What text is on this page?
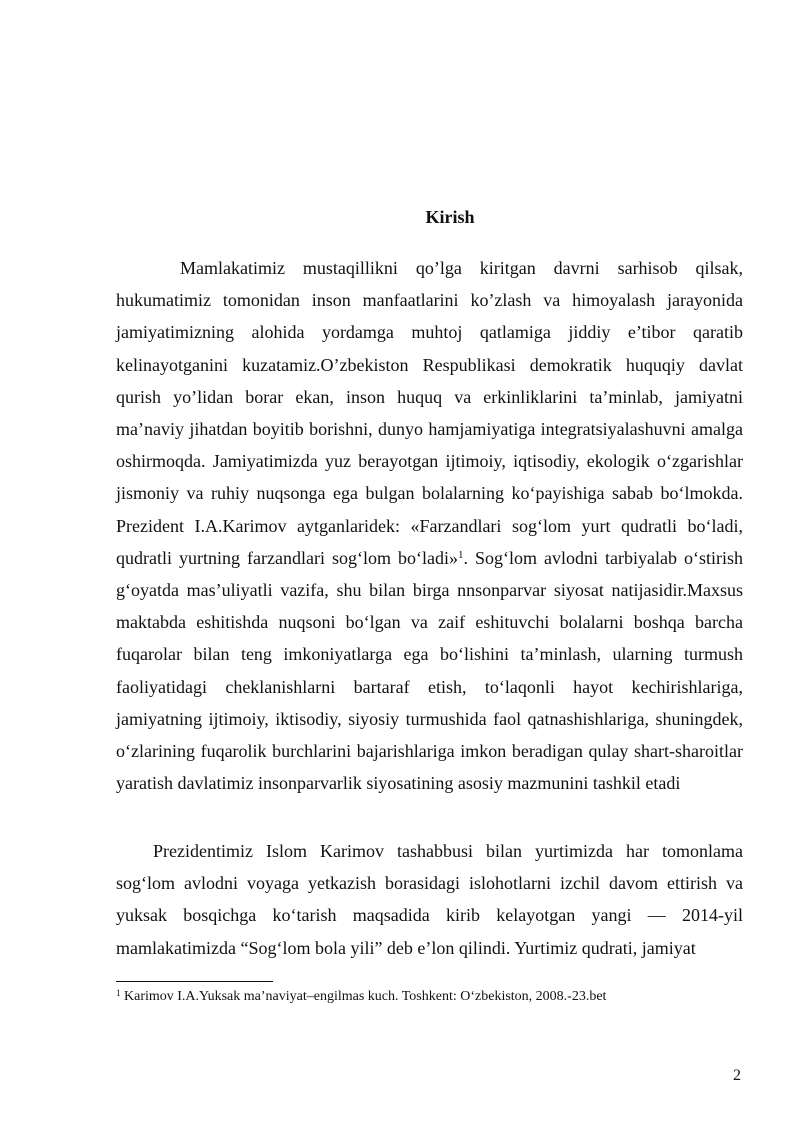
Kirish

Mamlakatimiz mustaqillikni qo’lga kiritgan davrni sarhisob qilsak, hukumatimiz tomonidan inson manfaatlarini ko’zlash va himoyalash jarayonida jamiyatimizning alohida yordamga muhtoj qatlamiga jiddiy e’tibor qaratib kelinayotganini kuzatamiz.O’zbekiston Respublikasi demokratik huquqiy davlat qurish yo’lidan borar ekan, inson huquq va erkinliklarini ta’minlab, jamiyatni ma’naviy jihatdan boyitib borishni, dunyo hamjamiyatiga integratsiyalashuvni amalga oshirmoqda. Jamiyatimizda yuz berayotgan ijtimoiy, iqtisodiy, ekologik o‘zgarishlar jismoniy va ruhiy nuqsonga ega bulgan bolalarning ko‘payishiga sabab bo‘lmokda. Prezident I.A.Karimov aytganlaridek: «Farzandlari sog‘lom yurt qudratli bo‘ladi, qudratli yurtning farzandlari sog‘lom bo‘ladi»$^1$. Sog‘lom avlodni tarbiyalab o‘stirish g‘oyatda mas’uliyatli vazifa, shu bilan birga nnsonparvar siyosat natijasidir.Maxsus maktabda eshitishda nuqsoni bo‘lgan va zaif eshituvchi bolalarni boshqa barcha fuqarolar bilan teng imkoniyatlarga ega bo‘lishini ta’minlash, ularning turmush faoliyatidagi cheklanishlarni bartaraf etish, to‘laqonli hayot kechirishlariga, jamiyatning ijtimoiy, iktisodiy, siyosiy turmushida faol qatnashishlariga, shuningdek, o‘zlarining fuqarolik burchlarini bajarishlariga imkon beradigan qulay shart-sharoitlar yaratish davlatimiz insonparvarlik siyosatining asosiy mazmunini tashkil etadi

Prezidentimiz Islom Karimov tashabbusi bilan yurtimizda har tomonlama sog‘lom avlodni voyaga yetkazish borasidagi islohotlarni izchil davom ettirish va yuksak bosqichga ko‘tarish maqsadida kirib kelayotgan yangi — 2014-yil mamlakatimizda “Sog‘lom bola yili” deb e’lon qilindi. Yurtimiz qudrati, jamiyat

$^1$ Karimov I.A.Yuksak ma’naviyat–engilmas kuch. Toshkent: O‘zbekiston, 2008.-23.bet
2
